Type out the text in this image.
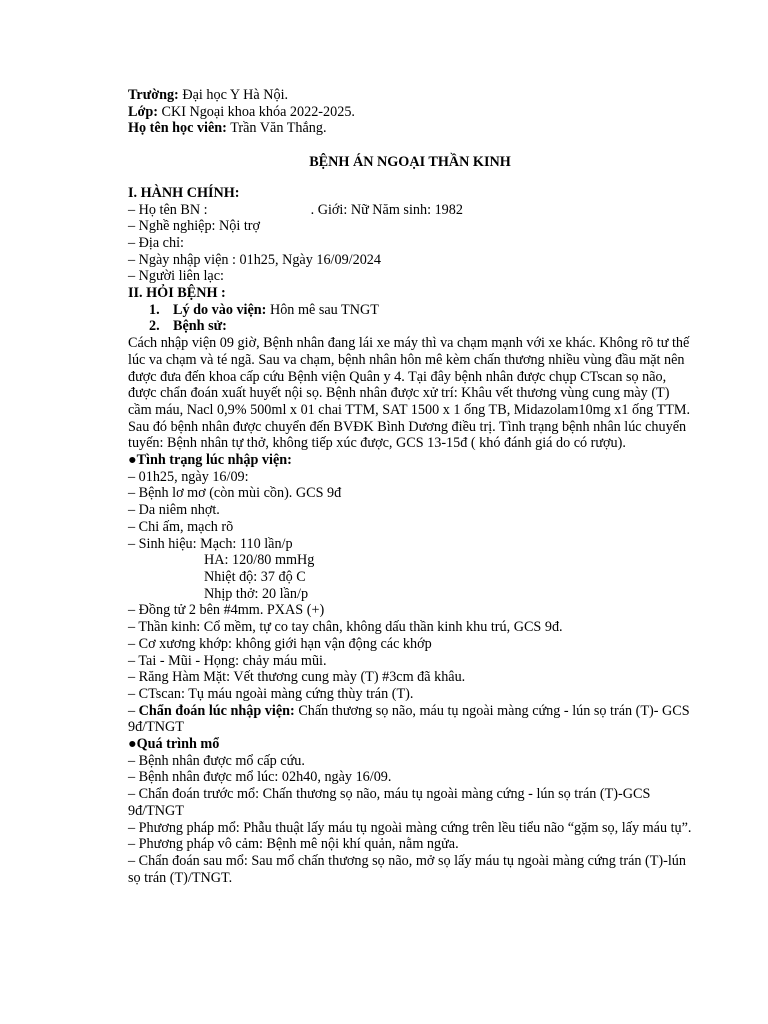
Trường: Đại học Y Hà Nội.
Lớp: CKI Ngoại khoa khóa 2022-2025.
Họ tên học viên: Trần Văn Thắng.
BỆNH ÁN NGOẠI THẦN KINH
I. HÀNH CHÍNH:
– Họ tên BN :	. Giới: Nữ Năm sinh: 1982
– Nghề nghiệp: Nội trợ
– Địa chỉ:
– Ngày nhập viện : 01h25, Ngày 16/09/2024
– Người liên lạc:
II. HỎI BỆNH :
1. Lý do vào viện: Hôn mê sau TNGT
2. Bệnh sử:
Cách nhập viện 09 giờ, Bệnh nhân đang lái xe máy thì va chạm mạnh với xe khác. Không rõ tư thế lúc va chạm và té ngã. Sau va chạm, bệnh nhân hôn mê kèm chấn thương nhiều vùng đầu mặt nên được đưa đến khoa cấp cứu Bệnh viện Quân y 4. Tại đây bệnh nhân được chụp CTscan sọ não, được chẩn đoán xuất huyết nội sọ. Bệnh nhân được xử trí: Khâu vết thương vùng cung mày (T) cầm máu, Nacl 0,9% 500ml x 01 chai TTM, SAT 1500 x 1 ống TB, Midazolam10mg x1 ống TTM. Sau đó bệnh nhân được chuyển đến BVĐK Bình Dương điều trị. Tình trạng bệnh nhân lúc chuyển tuyến: Bệnh nhân tự thở, không tiếp xúc được, GCS 13-15đ ( khó đánh giá do có rượu).
●Tình trạng lúc nhập viện:
– 01h25, ngày 16/09:
– Bệnh lơ mơ (còn mùi cồn). GCS 9đ
– Da niêm nhợt.
– Chi ấm, mạch rõ
– Sinh hiệu: Mạch: 110 lần/p
HA: 120/80 mmHg
Nhiệt độ: 37 độ C
Nhịp thở: 20 lần/p
– Đồng tử 2 bên #4mm. PXAS (+)
– Thần kinh: Cổ mềm, tự co tay chân, không dấu thần kinh khu trú, GCS 9đ.
– Cơ xương khớp: không giới hạn vận động các khớp
– Tai - Mũi - Họng: chảy máu mũi.
– Răng Hàm Mặt: Vết thương cung mày (T) #3cm đã khâu.
– CTscan: Tụ máu ngoài màng cứng thùy trán (T).
– Chẩn đoán lúc nhập viện: Chấn thương sọ não, máu tụ ngoài màng cứng - lún sọ trán (T)- GCS 9đ/TNGT
●Quá trình mổ
– Bệnh nhân được mổ cấp cứu.
– Bệnh nhân được mổ lúc: 02h40, ngày 16/09.
– Chẩn đoán trước mổ: Chấn thương sọ não, máu tụ ngoài màng cứng - lún sọ trán (T)-GCS 9đ/TNGT
– Phương pháp mổ: Phẫu thuật lấy máu tụ ngoài màng cứng trên lều tiểu não “gặm sọ, lấy máu tụ”.
– Phương pháp vô cảm: Bệnh mê nội khí quản, nằm ngửa.
– Chẩn đoán sau mổ: Sau mổ chấn thương sọ não, mở sọ lấy máu tụ ngoài màng cứng trán (T)-lún sọ trán (T)/TNGT.
